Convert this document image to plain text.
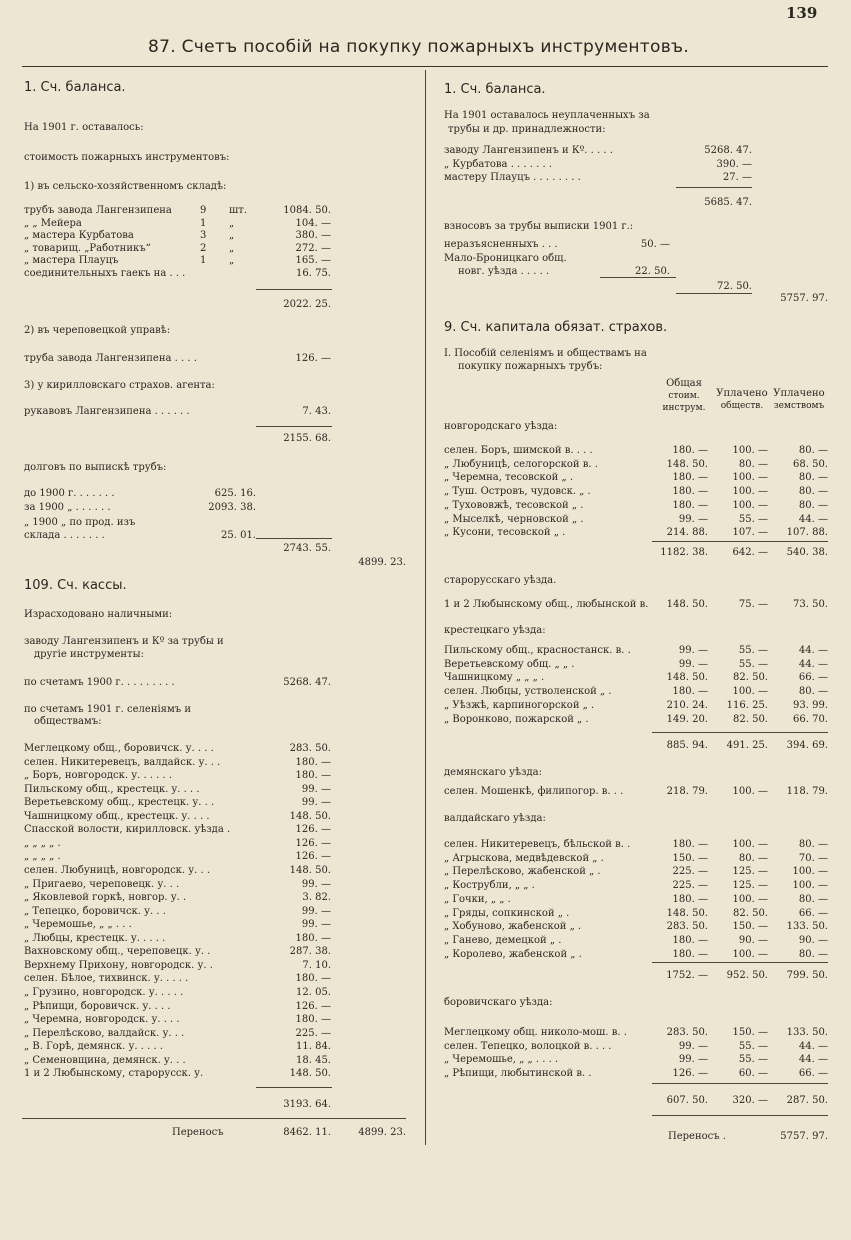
139
87. Счетъ пособій на покупку пожарныхъ инструментовъ.
1. Сч. баланса.
На 1901 г. оставалось:
стоимость пожарныхъ инструментовъ:
1) въ сельско-хозяйственномъ складѣ:
трубъ завода Лангензипена	9 шт.	1084. 50.
„ „ Мейера	1 „	104. —
„ мастера Курбатова	3 „	380. —
„ товарищ. „Работникъ“	2 „	272. —
„ мастера Плауцъ	1 „	165. —
соединительныхъ гаекъ на . . .	16. 75.
2022. 25.
2) въ череповецкой управѣ:
труба завода Лангензипена . . . .	126. —
3) у кирилловскаго страхов. агента:
рукавовъ Лангензипена . . . . . .	7. 43.
2155. 68.
долговъ по выпискѣ трубъ:
до 1900 г. . . . . . .	625. 16.
за 1900 „ . . . . . .	2093. 38.
„ 1900 „ по прод. изъ
склада . . . . . . .	25. 01.
2743. 55.
4899. 23.
109. Сч. кассы.
Израсходовано наличными:
заводу Лангензипенъ и Кº за трубы и
другіе инструменты:
по счетамъ 1900 г. . . . . . . . .	5268. 47.
по счетамъ 1901 г. селеніямъ и
обществамъ:
Меглецкому общ., боровичск. у. . . .	283. 50.
селен. Никитеревецъ, валдайск. у. . .	180. —
„ Боръ, новгородск. у. . . . . .	180. —
Пильскому общ., крестецк. у. . . .	99. —
Веретьевскому общ., крестецк. у. . .	99. —
Чашницкому общ., крестецк. у. . . .	148. 50.
Спасской волости, кирилловск. уѣзда .	126. —
„ „ „ „ .	126. —
„ „ „ „ .	126. —
селен. Любуницѣ, новгородск. у. . .	148. 50.
„ Пригаево, череповецк. у. . .	99. —
„ Яковлевой горкѣ, новгор. у. .	3. 82.
„ Тепецко, боровичск. у. . .	99. —
„ Черемошье, „ „ . . .	99. —
„ Любцы, крестецк. у. . . . .	180. —
Вахновскому общ., череповецк. у. .	287. 38.
Верхнему Прихону, новгородск. у. .	7. 10.
селен. Бѣлое, тихвинск. у. . . . .	180. —
„ Грузино, новгородск. у. . . . .	12. 05.
„ Рѣпищи, боровичск. у. . . .	126. —
„ Черемна, новгородск. у. . . .	180. —
„ Перелѣсково, валдайск. у. . .	225. —
„ В. Горѣ, демянск. у. . . . .	11. 84.
„ Семеновщина, демянск. у. . .	18. 45.
1 и 2 Любынскому, старорусск. у.	148. 50.
3193. 64.
Переносъ	8462. 11.	4899. 23.
1. Сч. баланса.
На 1901 оставалось неуплаченныхъ за
трубы и др. принадлежности:
заводу Лангензипенъ и Кº. . . . .	5268. 47.
„ Курбатова . . . . . . .	390. —
мастеру Плауцъ . . . . . . . .	27. —
5685. 47.
взносовъ за трубы выписки 1901 г.:
неразъясненныхъ . . .	50. —
Мало-Броницкаго общ.
новг. уѣзда . . . . .	22. 50.
72. 50.
5757. 97.
9. Сч. капитала обязат. страхов.
I. Пособій селеніямъ и обществамъ на
покупку пожарныхъ трубъ:
Общая
стоим.
инструм.
Уплачено
обществ.
Уплачено
земствомъ
новгородскаго уѣзда:
селен. Боръ, шимской в. . . .	180. —	100. —	80. —
„ Любуницѣ, селогорской в. .	148. 50.	80. —	68. 50.
„ Черемна, тесовской „ .	180. —	100. —	80. —
„ Туш. Островъ, чудовск. „ .	180. —	100. —	80. —
„ Тухововжѣ, тесовской „ .	180. —	100. —	80. —
„ Мыселкѣ, черновской „ .	99. —	55. —	44. —
„ Кусони, тесовской „ .	214. 88.	107. —	107. 88.
1182. 38.	642. —	540. 38.
старорусскаго уѣзда.
1 и 2 Любынскому общ., любынской в.	148. 50.	75. —	73. 50.
крестецкаго уѣзда:
Пильскому общ., красностанск. в. .	99. —	55. —	44. —
Веретьевскому общ. „ „ .	99. —	55. —	44. —
Чашницкому „ „ „ .	148. 50.	82. 50.	66. —
селен. Любцы, устволенской „ .	180. —	100. —	80. —
„ Уѣзжѣ, карпиногорской „ .	210. 24.	116. 25.	93. 99.
„ Воронково, пожарской „ .	149. 20.	82. 50.	66. 70.
885. 94.	491. 25.	394. 69.
демянскаго уѣзда:
селен. Мошенкѣ, филипогор. в. . .	218. 79.	100. —	118. 79.
валдайскаго уѣзда:
селен. Никитеревецъ, бѣльской в. .	180. —	100. —	80. —
„ Агрыскова, медвѣдевской „ .	150. —	80. —	70. —
„ Перелѣсково, жабенской „ .	225. —	125. —	100. —
„ Кострубли, „ „ .	225. —	125. —	100. —
„ Гочки, „ „ .	180. —	100. —	80. —
„ Гряды, сопкинской „ .	148. 50.	82. 50.	66. —
„ Хобуново, жабенской „ .	283. 50.	150. —	133. 50.
„ Ганево, демецкой „ .	180. —	90. —	90. —
„ Королево, жабенской „ .	180. —	100. —	80. —
1752. —	952. 50.	799. 50.
боровичскаго уѣзда:
Меглецкому общ. николо-мош. в. .	283. 50.	150. —	133. 50.
селен. Тепецко, волоцкой в. . . .	99. —	55. —	44. —
„ Черемошье, „ „ . . . .	99. —	55. —	44. —
„ Рѣпищи, любытинской в. .	126. —	60. —	66. —
607. 50.	320. —	287. 50.
Переносъ .	5757. 97.
